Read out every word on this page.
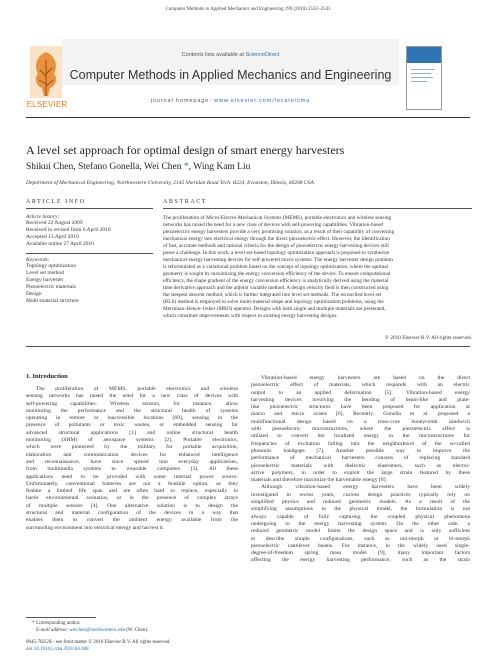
Computer Methods in Applied Mechanics and Engineering 199 (2010) 2532–2543
Contents lists available at ScienceDirect
ELSEVIER
Computer Methods in Applied Mechanics and Engineering
journal homepage: www.elsevier.com/locate/cma
A level set approach for optimal design of smart energy harvesters
Shikui Chen, Stefano Gonella, Wei Chen *, Wing Kam Liu
Department of Mechanical Engineering, Northwestern University, 2145 Sheridan Road Tech. B224, Evanston, Illinois, 60208 USA
ARTICLE INFO	ABSTRACT
Article history:
Received 22 August 2009
Received in revised form 6 April 2010
Accepted 13 April 2010
Available online 27 April 2010
Keywords:
Topology optimization
Level set method
Energy harvester
Piezoelectric materials
Design
Multi-material structure
The proliferation of Micro-Electro-Mechanical Systems (MEMS), portable electronics and wireless sensing
networks has raised the need for a new class of devices with self-powering capabilities. Vibration-based
piezoelectric energy harvesters provide a very promising solution, as a result of their capability of converting
mechanical energy into electrical energy through the direct piezoelectric effect. However, the identification
of fast, accurate methods and rational criteria for the design of piezoelectric energy harvesting devices still
poses a challenge. In this work, a level set-based topology optimization approach is proposed to synthesize
mechanical energy harvesting devices for self-powered micro systems. The energy harvester design problem
is reformulated as a variational problem based on the concept of topology optimization, where the optimal
geometry is sought by maximizing the energy conversion efficiency of the device. To ensure computational
efficiency, the shape gradient of the energy conversion efficiency is analytically derived using the material
time derivative approach and the adjoint variable method. A design velocity field is then constructed using
the steepest descent method, which is further integrated into level set methods. The reconciled level set
(RLS) method is employed to solve multi-material shape and topology optimization problems, using the
Merriman–Bence–Osher (MBO) operator. Designs with both single and multiple materials are presented,
which constitute improvements with respect to existing energy harvesting designs.
© 2010 Elsevier B.V. All rights reserved.
1. Introduction
The proliferation of MEMS, portable electronics and wireless
sensing networks has raised the need for a new class of devices with
self-powering capabilities. Wireless sensors, for instance, allow
monitoring the performance and the structural health of systems
operating in remote or inaccessible locations [69], sensing in the
presence of pollutants or toxic wastes, or embedded sensing for
advanced structural applications [1] and online structural health
monitoring (SHM) of aerospace systems [2]. Portable electronics,
which were pioneered by the military for portable acquisition,
elaboration and communication devices for enhanced intelligence
and reconnaissance, have since spread into everyday applications,
from multimedia systems to wearable computers [3]. All these
applications need to be provided with some internal power source.
Unfortunately, conventional batteries are not a feasible option, as they
feature a limited life span and are often hard to replace, especially in
harsh environmental scenarios, or in the presence of complex arrays
of multiple sensors [4]. One alternative solution is to design the
structural and material configuration of the devices in a way that
enables them to convert the ambient energy available from the
surrounding environment into electrical energy and harvest it.
Vibration-based energy harvesters are based on the direct
piezoelectric effect of materials, which responds with an electric
output to an applied deformation [5]. Vibration-based energy
harvesting devices involving the bending of beam-like and plate-
like piezoelectric structures have been proposed for application at
macro and micro scales [6]. Recently, Gonella et al. proposed a
multifunctional design based on a truss-core honeycomb sandwich
with piezoelectric microstructures, where the piezoelectric effect is
utilized to convert the localized energy in the microstructures for
frequencies of excitation falling into the neighborhood of the so-called
phononic bandgaps [7]. Another possible way to improve the
performance of mechanical harvesters consists of replacing standard
piezoelectric materials with dielectric elastomers, such as electro-
active polymers, in order to exploit the large strain featured by these
materials and therefore maximize the harvestable energy [8].
Although vibration-based energy harvesters have been widely
investigated in recent years, current design practices typically rely on
simplified physics and reduced geometric models. As a result of the
simplifying assumptions in the physical model, the formulation is not
always capable of fully capturing the coupled physical phenomena
undergoing in the energy harvesting system. On the other side, a
reduced geometric model limits the design space and is only sufficient
to describe simple configurations, such as uni-morph or bi-morph
piezoelectric cantilever beams. For instance, in the widely used single-
degree-of-freedom spring mass model [9], many important factors
affecting the energy harvesting performance, such as the strain
* Corresponding author.
E-mail address: weichen@northwestern.edu (W. Chen).
0045-7825/$ - see front matter © 2010 Elsevier B.V. All rights reserved.
doi:10.1016/j.cma.2010.04.008
